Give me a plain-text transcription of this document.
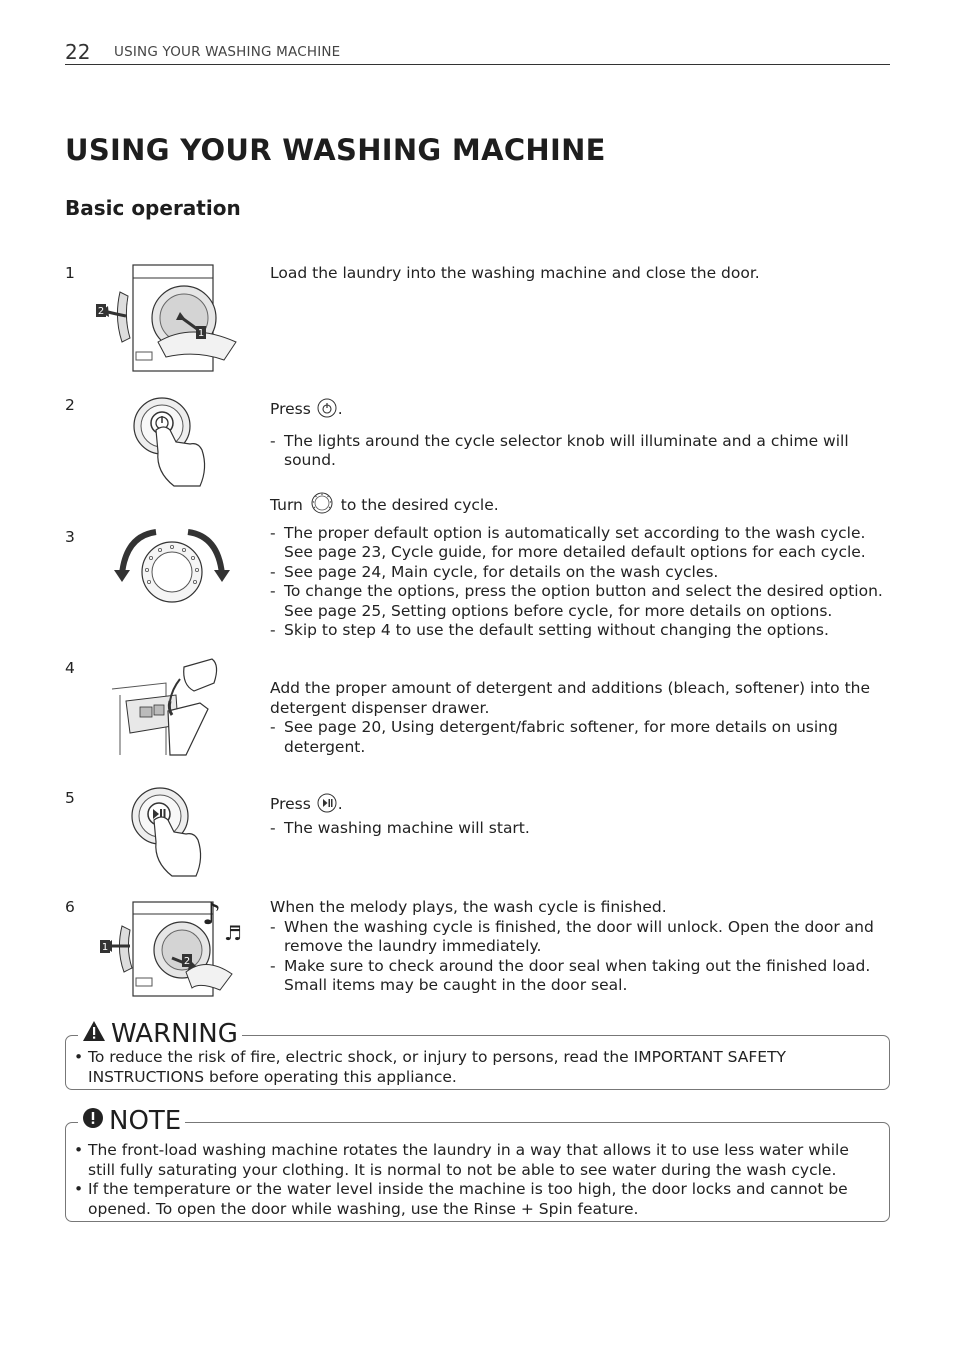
22 USING YOUR WASHING MACHINE
USING YOUR WASHING MACHINE
Basic operation
1
2
1

Load the laundry into the washing machine and close the door.

2	Press .

- The lights around the cycle selector knob will illuminate and a chime will sound.

3

Turn to the desired cycle.

- The proper default option is automatically set according to the wash cycle. See page 23, Cycle guide, for more detailed default options for each cycle.

- See page 24, Main cycle, for details on the wash cycles.

- To change the options, press the option button and select the desired option. See page 25, Setting options before cycle, for more details on options.

- Skip to step 4 to use the default setting without changing the options.

4

Add the proper amount of detergent and additions (bleach, softener) into the detergent dispenser drawer.

- See page 20, Using detergent/fabric softener, for more details on using detergent.

5	Press .

- The washing machine will start.

6
1
2
♪
♬

When the melody plays, the wash cycle is finished.

- When the washing cycle is finished, the door will unlock. Open the door and remove the laundry immediately.

- Make sure to check around the door seal when taking out the finished load. Small items may be caught in the door seal.

WARNING

• To reduce the risk of fire, electric shock, or injury to persons, read the IMPORTANT SAFETY INSTRUCTIONS before operating this appliance.

NOTE

• The front-load washing machine rotates the laundry in a way that allows it to use less water while still fully saturating your clothing. It is normal to not be able to see water during the wash cycle.

• If the temperature or the water level inside the machine is too high, the door locks and cannot be opened. To open the door while washing, use the Rinse + Spin feature.
